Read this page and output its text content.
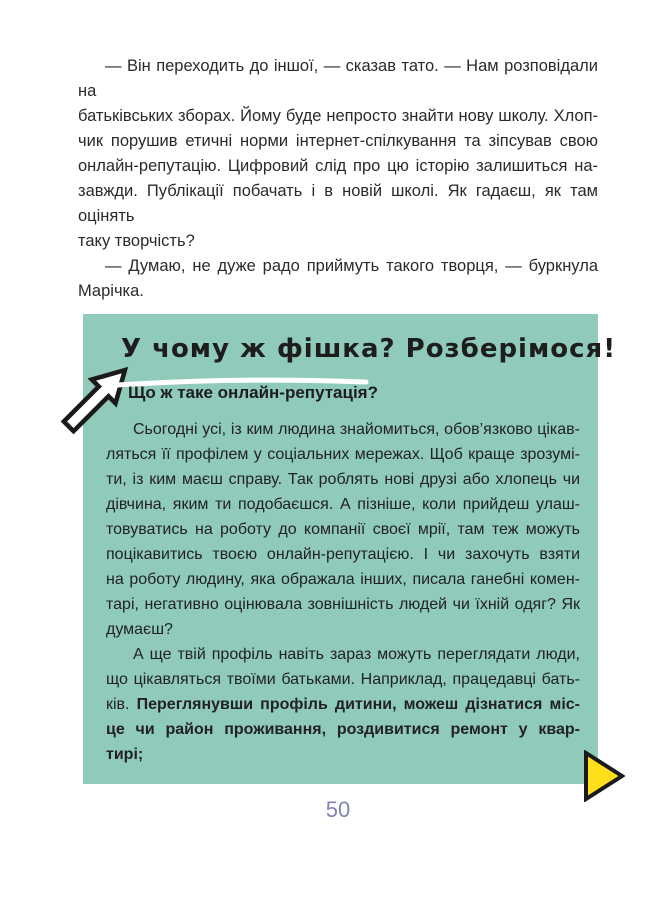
— Він переходить до іншої, — сказав тато. — Нам розповідали на
батьківських зборах. Йому буде непросто знайти нову школу. Хлоп-
чик порушив етичні норми інтернет-спілкування та зіпсував свою
онлайн-репутацію. Цифровий слід про цю історію залишиться на-
завжди. Публікації побачать і в новій школі. Як гадаєш, як там оцінять
таку творчість?
— Думаю, не дуже радо приймуть такого творця, — буркнула
Марічка.
У чому ж фішка? Розберімося!
Що ж таке онлайн-репутація?
Сьогодні усі, із ким людина знайомиться, обов’язково цікав-
ляться її профілем у соціальних мережах. Щоб краще зрозумі-
ти, із ким маєш справу. Так роблять нові друзі або хлопець чи
дівчина, яким ти подобаєшся. А пізніше, коли прийдеш улаш-
товуватись на роботу до компанії своєї мрії, там теж можуть
поцікавитись твоєю онлайн-репутацією. І чи захочуть взяти
на роботу людину, яка ображала інших, писала ганебні комен-
тарі, негативно оцінювала зовнішність людей чи їхній одяг? Як
думаєш?
А ще твій профіль навіть зараз можуть переглядати люди,
що цікавляться твоїми батьками. Наприклад, працедавці бать-
ків. Переглянувши профіль дитини, можеш дізнатися міс-
це чи район проживання, роздивитися ремонт у квар-
тирі;
50
